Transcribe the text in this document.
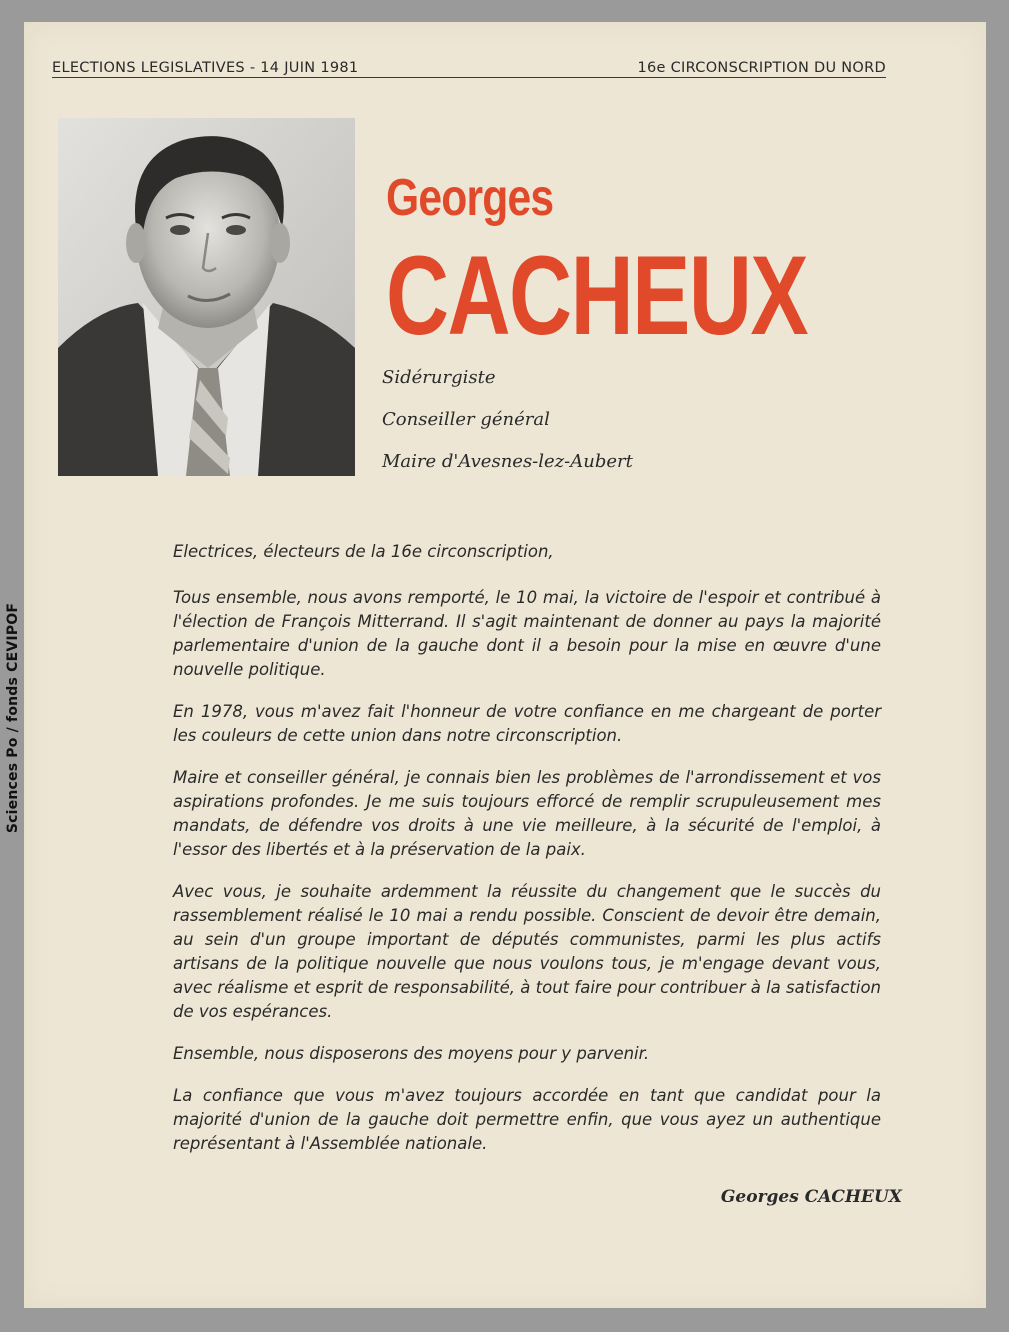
Sciences Po / fonds CEVIPOF
ELECTIONS LEGISLATIVES - 14 JUIN 1981	16e CIRCONSCRIPTION DU NORD
Georges
CACHEUX
Sidérurgiste
Conseiller général
Maire d'Avesnes-lez-Aubert

Electrices, électeurs de la 16e circonscription,

Tous ensemble, nous avons remporté, le 10 mai, la victoire de l'espoir et contribué à l'élection de François Mitterrand. Il s'agit maintenant de donner au pays la majorité parlementaire d'union de la gauche dont il a besoin pour la mise en œuvre d'une nouvelle politique.

En 1978, vous m'avez fait l'honneur de votre confiance en me chargeant de porter les couleurs de cette union dans notre circonscription.

Maire et conseiller général, je connais bien les problèmes de l'arrondissement et vos aspirations profondes. Je me suis toujours efforcé de remplir scrupuleusement mes mandats, de défendre vos droits à une vie meilleure, à la sécurité de l'emploi, à l'essor des libertés et à la préservation de la paix.

Avec vous, je souhaite ardemment la réussite du changement que le succès du rassemblement réalisé le 10 mai a rendu possible. Conscient de devoir être demain, au sein d'un groupe important de députés communistes, parmi les plus actifs artisans de la politique nouvelle que nous voulons tous, je m'engage devant vous, avec réalisme et esprit de responsabilité, à tout faire pour contribuer à la satisfaction de vos espérances.

Ensemble, nous disposerons des moyens pour y parvenir.

La confiance que vous m'avez toujours accordée en tant que candidat pour la majorité d'union de la gauche doit permettre enfin, que vous ayez un authentique représentant à l'Assemblée nationale.

Georges CACHEUX
